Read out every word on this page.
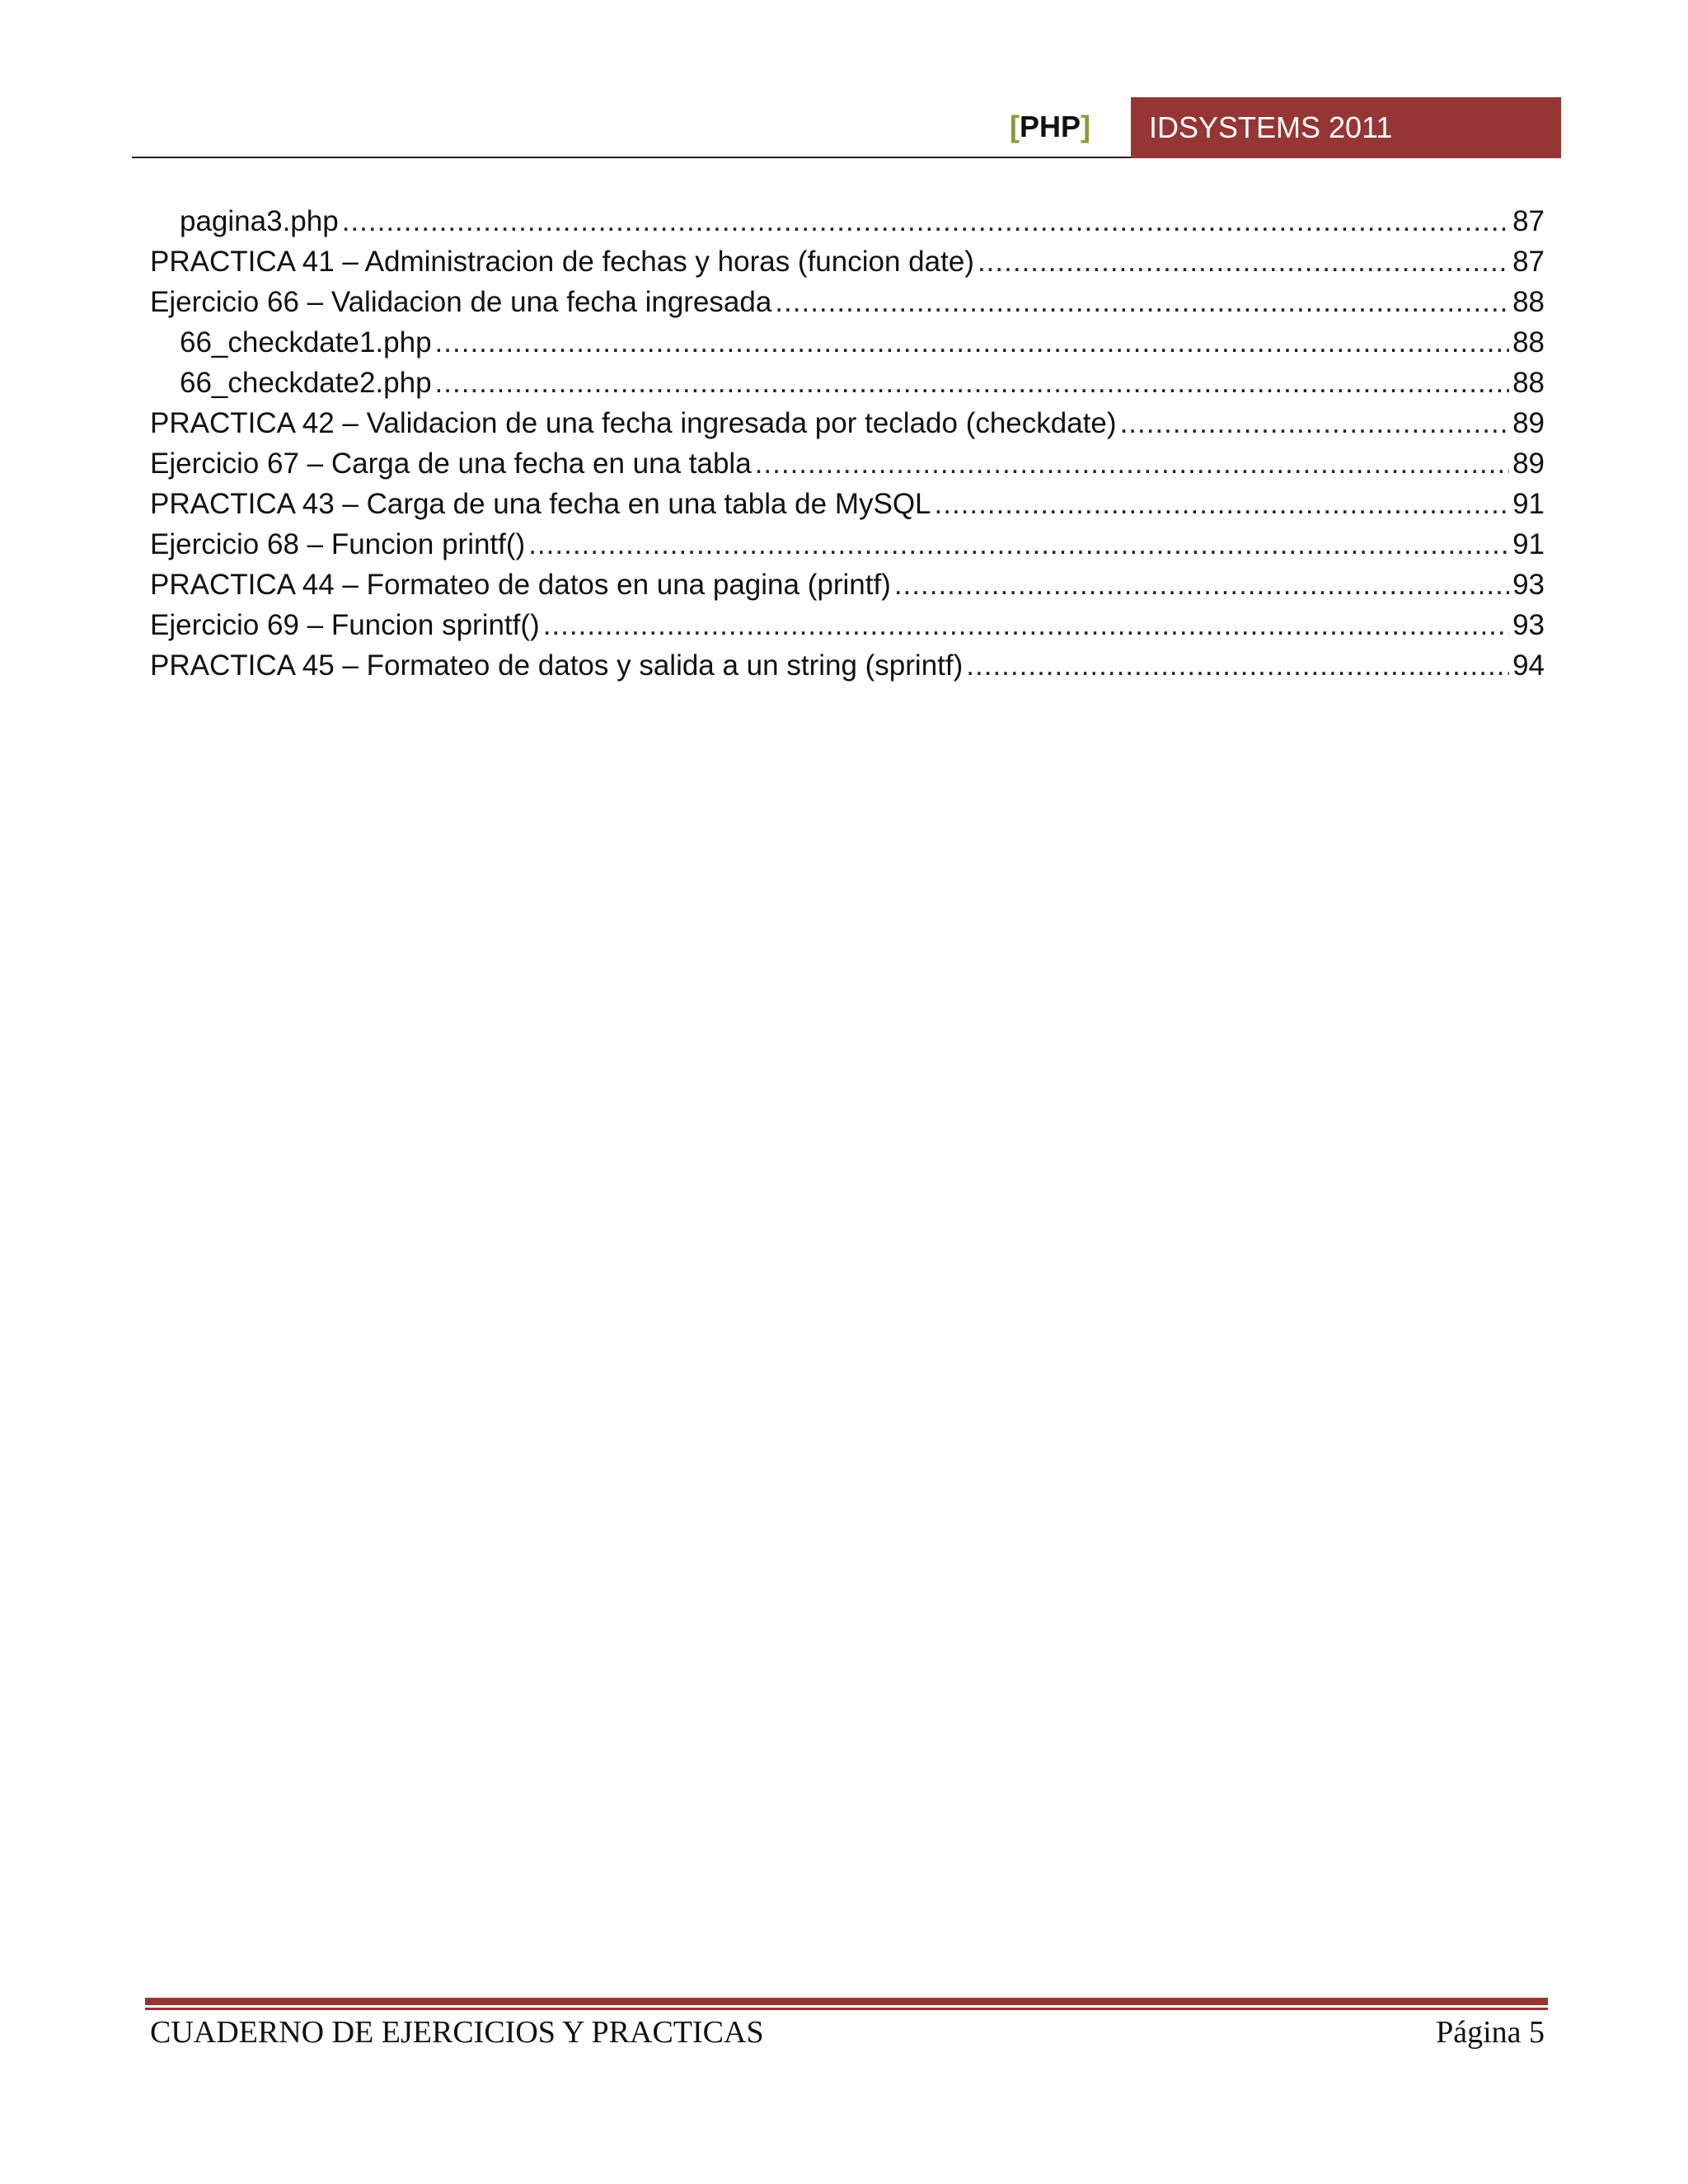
[PHP]	IDSYSTEMS 2011
pagina3.php .....	87
PRACTICA 41 – Administracion de fechas y horas (funcion date) .....	87
Ejercicio 66 – Validacion de una fecha ingresada .....	88
66_checkdate1.php .....	88
66_checkdate2.php .....	88
PRACTICA 42 – Validacion de una fecha ingresada por teclado (checkdate) .....	89
Ejercicio 67 – Carga de una fecha en una tabla .....	89
PRACTICA 43 – Carga de una fecha en una tabla de MySQL .....	91
Ejercicio 68 – Funcion printf() .....	91
PRACTICA 44 – Formateo de datos en una pagina (printf) .....	93
Ejercicio 69 – Funcion sprintf() .....	93
PRACTICA 45 – Formateo de datos y salida a un string (sprintf) .....	94
CUADERNO DE EJERCICIOS Y PRACTICAS	Página 5
